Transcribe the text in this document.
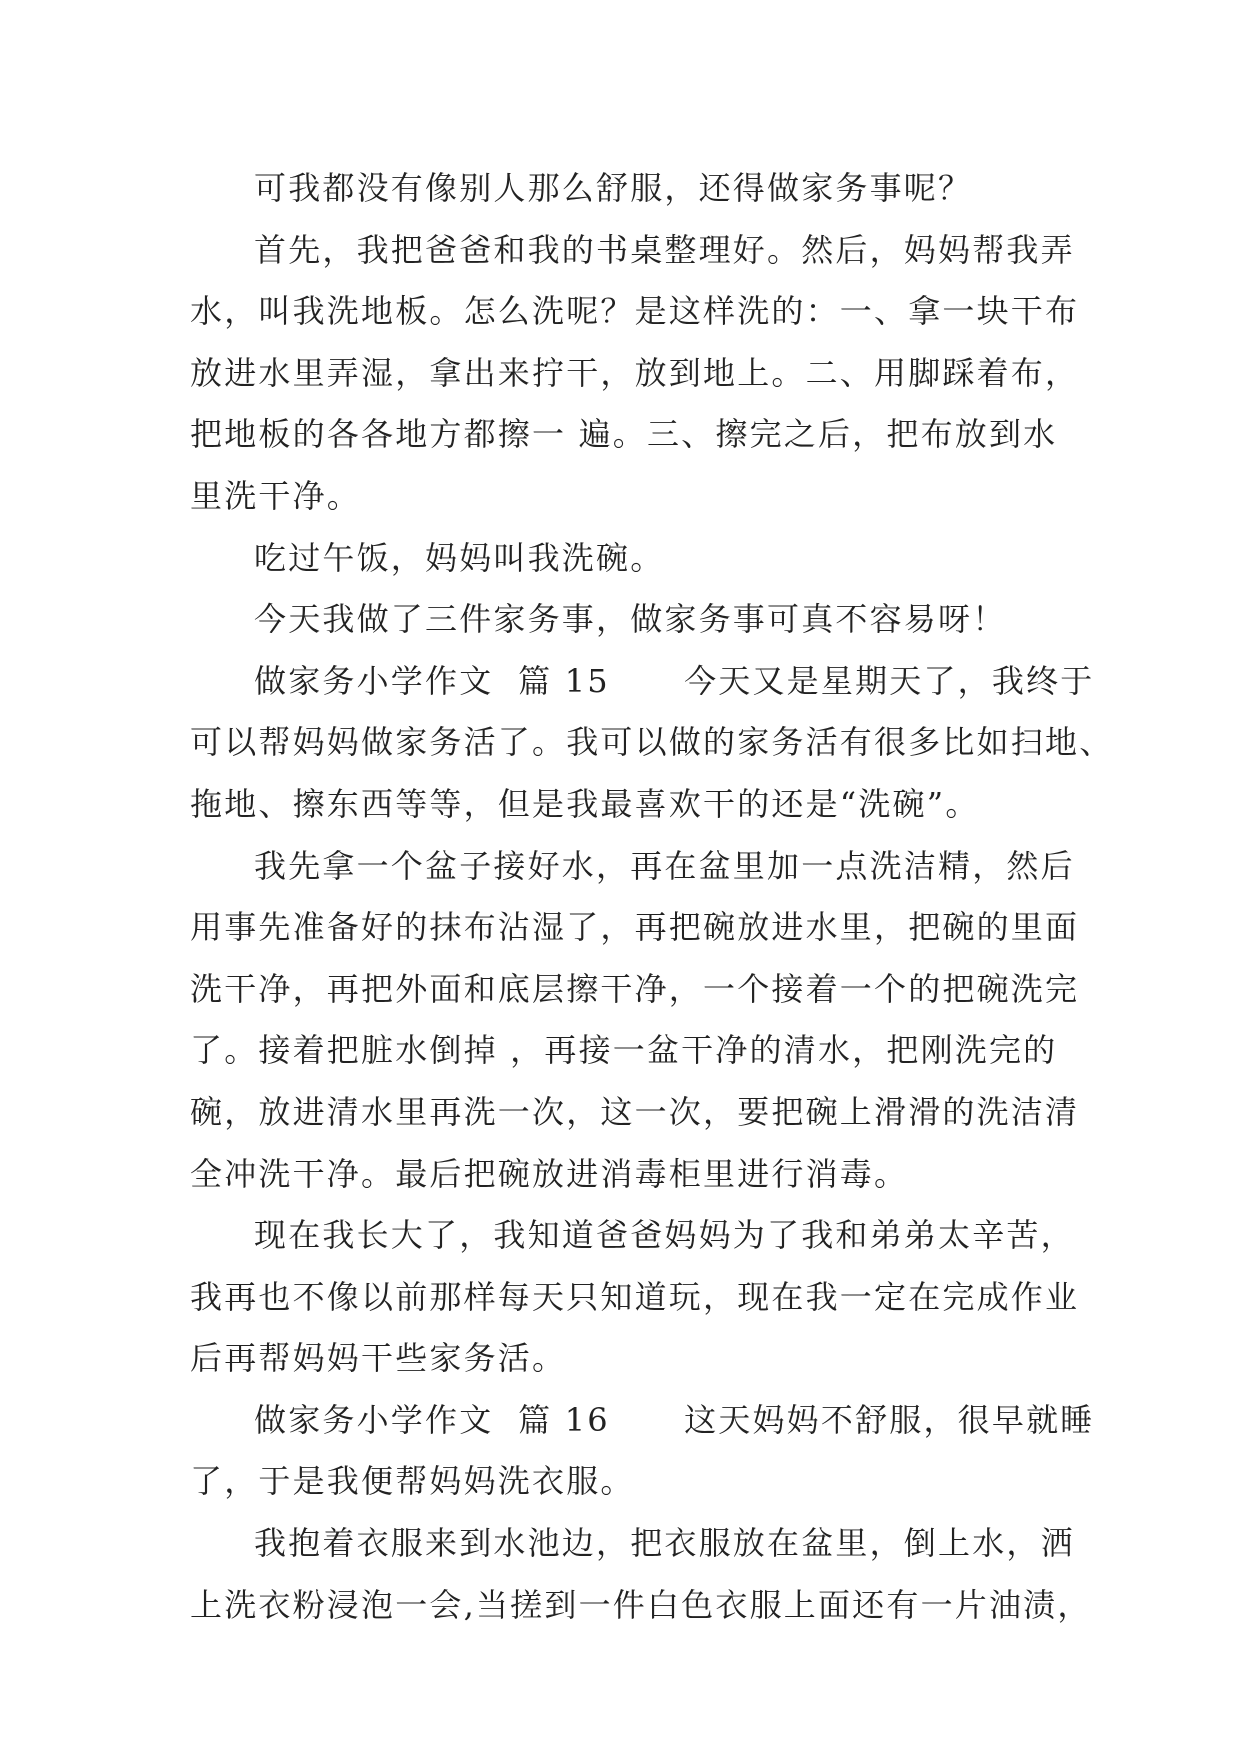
可我都没有像别人那么舒服，还得做家务事呢？
首先，我把爸爸和我的书桌整理好。然后，妈妈帮我弄
水，叫我洗地板。怎么洗呢？是这样洗的：一、拿一块干布
放进水里弄湿，拿出来拧干，放到地上。二、用脚踩着布，
把地板的各各地方都擦一 遍。三、擦完之后，把布放到水
里洗干净。
吃过午饭，妈妈叫我洗碗。
今天我做了三件家务事，做家务事可真不容易呀！
做家务小学作文  篇 15      今天又是星期天了，我终于
可以帮妈妈做家务活了。我可以做的家务活有很多比如扫地、
拖地、擦东西等等，但是我最喜欢干的还是“洗碗”。
我先拿一个盆子接好水，再在盆里加一点洗洁精，然后
用事先准备好的抹布沾湿了，再把碗放进水里，把碗的里面
洗干净，再把外面和底层擦干净，一个接着一个的把碗洗完
了。接着把脏水倒掉 ，再接一盆干净的清水，把刚洗完的
碗，放进清水里再洗一次，这一次，要把碗上滑滑的洗洁清
全冲洗干净。最后把碗放进消毒柜里进行消毒。
现在我长大了，我知道爸爸妈妈为了我和弟弟太辛苦，
我再也不像以前那样每天只知道玩，现在我一定在完成作业
后再帮妈妈干些家务活。
做家务小学作文  篇 16      这天妈妈不舒服，很早就睡
了，于是我便帮妈妈洗衣服。
我抱着衣服来到水池边，把衣服放在盆里，倒上水，洒
上洗衣粉浸泡一会,当搓到一件白色衣服上面还有一片油渍，
